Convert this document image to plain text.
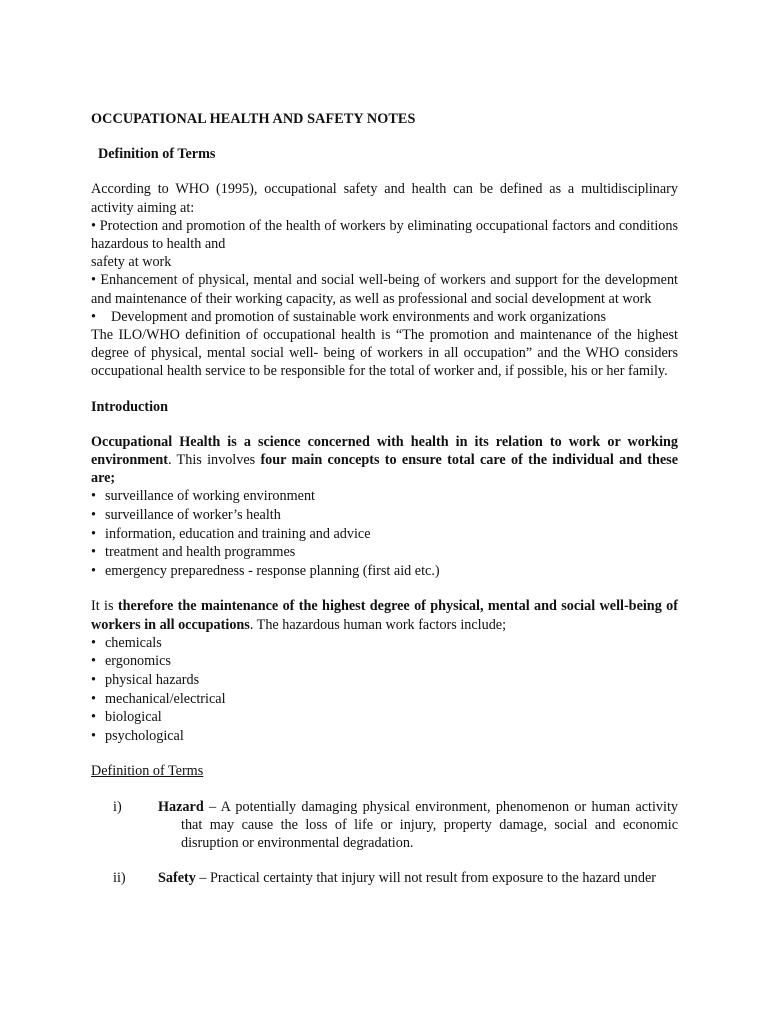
OCCUPATIONAL HEALTH AND SAFETY NOTES
Definition of Terms

According to WHO (1995), occupational safety and health can be defined as a multidisciplinary activity aiming at:

• Protection and promotion of the health of workers by eliminating occupational factors and conditions hazardous to health and

safety at work

• Enhancement of physical, mental and social well-being of workers and support for the development and maintenance of their working capacity, as well as professional and social development at work

• Development and promotion of sustainable work environments and work organizations

The ILO/WHO definition of occupational health is “The promotion and maintenance of the highest degree of physical, mental social well- being of workers in all occupation” and the WHO considers occupational health service to be responsible for the total of worker and, if possible, his or her family.

Introduction

Occupational Health is a science concerned with health in its relation to work or working environment. This involves four main concepts to ensure total care of the individual and these are;

• surveillance of working environment
• surveillance of worker’s health
• information, education and training and advice
• treatment and health programmes
• emergency preparedness - response planning (first aid etc.)

It is therefore the maintenance of the highest degree of physical, mental and social well-being of workers in all occupations. The hazardous human work factors include;

• chemicals
• ergonomics
• physical hazards
• mechanical/electrical
• biological
• psychological
Definition of Terms
i)	Hazard – A potentially damaging physical environment, phenomenon or human activity that may cause the loss of life or injury, property damage, social and economic disruption or environmental degradation.
ii) Safety – Practical certainty that injury will not result from exposure to the hazard under
